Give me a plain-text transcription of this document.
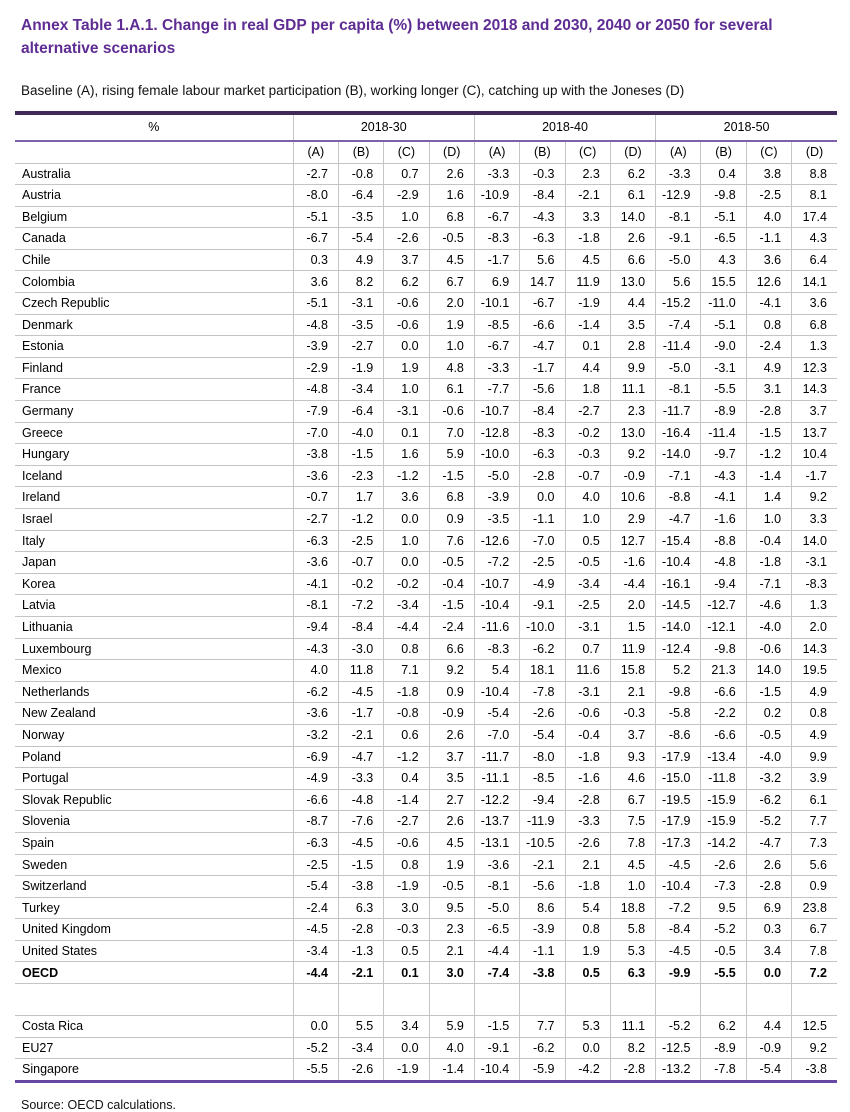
Annex Table 1.A.1. Change in real GDP per capita (%) between 2018 and 2030, 2040 or 2050 for several alternative scenarios

Baseline (A), rising female labour market participation (B), working longer (C), catching up with the Joneses (D)

%	2018-30				2018-40				2018-50			
	(A)	(B)	(C)	(D)	(A)	(B)	(C)	(D)	(A)	(B)	(C)	(D)
Australia	-2.7	-0.8	0.7	2.6	-3.3	-0.3	2.3	6.2	-3.3	0.4	3.8	8.8
Austria	-8.0	-6.4	-2.9	1.6	-10.9	-8.4	-2.1	6.1	-12.9	-9.8	-2.5	8.1
Belgium	-5.1	-3.5	1.0	6.8	-6.7	-4.3	3.3	14.0	-8.1	-5.1	4.0	17.4
Canada	-6.7	-5.4	-2.6	-0.5	-8.3	-6.3	-1.8	2.6	-9.1	-6.5	-1.1	4.3
Chile	0.3	4.9	3.7	4.5	-1.7	5.6	4.5	6.6	-5.0	4.3	3.6	6.4
Colombia	3.6	8.2	6.2	6.7	6.9	14.7	11.9	13.0	5.6	15.5	12.6	14.1
Czech Republic	-5.1	-3.1	-0.6	2.0	-10.1	-6.7	-1.9	4.4	-15.2	-11.0	-4.1	3.6
Denmark	-4.8	-3.5	-0.6	1.9	-8.5	-6.6	-1.4	3.5	-7.4	-5.1	0.8	6.8
Estonia	-3.9	-2.7	0.0	1.0	-6.7	-4.7	0.1	2.8	-11.4	-9.0	-2.4	1.3
Finland	-2.9	-1.9	1.9	4.8	-3.3	-1.7	4.4	9.9	-5.0	-3.1	4.9	12.3
France	-4.8	-3.4	1.0	6.1	-7.7	-5.6	1.8	11.1	-8.1	-5.5	3.1	14.3
Germany	-7.9	-6.4	-3.1	-0.6	-10.7	-8.4	-2.7	2.3	-11.7	-8.9	-2.8	3.7
Greece	-7.0	-4.0	0.1	7.0	-12.8	-8.3	-0.2	13.0	-16.4	-11.4	-1.5	13.7
Hungary	-3.8	-1.5	1.6	5.9	-10.0	-6.3	-0.3	9.2	-14.0	-9.7	-1.2	10.4
Iceland	-3.6	-2.3	-1.2	-1.5	-5.0	-2.8	-0.7	-0.9	-7.1	-4.3	-1.4	-1.7
Ireland	-0.7	1.7	3.6	6.8	-3.9	0.0	4.0	10.6	-8.8	-4.1	1.4	9.2
Israel	-2.7	-1.2	0.0	0.9	-3.5	-1.1	1.0	2.9	-4.7	-1.6	1.0	3.3
Italy	-6.3	-2.5	1.0	7.6	-12.6	-7.0	0.5	12.7	-15.4	-8.8	-0.4	14.0
Japan	-3.6	-0.7	0.0	-0.5	-7.2	-2.5	-0.5	-1.6	-10.4	-4.8	-1.8	-3.1
Korea	-4.1	-0.2	-0.2	-0.4	-10.7	-4.9	-3.4	-4.4	-16.1	-9.4	-7.1	-8.3
Latvia	-8.1	-7.2	-3.4	-1.5	-10.4	-9.1	-2.5	2.0	-14.5	-12.7	-4.6	1.3
Lithuania	-9.4	-8.4	-4.4	-2.4	-11.6	-10.0	-3.1	1.5	-14.0	-12.1	-4.0	2.0
Luxembourg	-4.3	-3.0	0.8	6.6	-8.3	-6.2	0.7	11.9	-12.4	-9.8	-0.6	14.3
Mexico	4.0	11.8	7.1	9.2	5.4	18.1	11.6	15.8	5.2	21.3	14.0	19.5
Netherlands	-6.2	-4.5	-1.8	0.9	-10.4	-7.8	-3.1	2.1	-9.8	-6.6	-1.5	4.9
New Zealand	-3.6	-1.7	-0.8	-0.9	-5.4	-2.6	-0.6	-0.3	-5.8	-2.2	0.2	0.8
Norway	-3.2	-2.1	0.6	2.6	-7.0	-5.4	-0.4	3.7	-8.6	-6.6	-0.5	4.9
Poland	-6.9	-4.7	-1.2	3.7	-11.7	-8.0	-1.8	9.3	-17.9	-13.4	-4.0	9.9
Portugal	-4.9	-3.3	0.4	3.5	-11.1	-8.5	-1.6	4.6	-15.0	-11.8	-3.2	3.9
Slovak Republic	-6.6	-4.8	-1.4	2.7	-12.2	-9.4	-2.8	6.7	-19.5	-15.9	-6.2	6.1
Slovenia	-8.7	-7.6	-2.7	2.6	-13.7	-11.9	-3.3	7.5	-17.9	-15.9	-5.2	7.7
Spain	-6.3	-4.5	-0.6	4.5	-13.1	-10.5	-2.6	7.8	-17.3	-14.2	-4.7	7.3
Sweden	-2.5	-1.5	0.8	1.9	-3.6	-2.1	2.1	4.5	-4.5	-2.6	2.6	5.6
Switzerland	-5.4	-3.8	-1.9	-0.5	-8.1	-5.6	-1.8	1.0	-10.4	-7.3	-2.8	0.9
Turkey	-2.4	6.3	3.0	9.5	-5.0	8.6	5.4	18.8	-7.2	9.5	6.9	23.8
United Kingdom	-4.5	-2.8	-0.3	2.3	-6.5	-3.9	0.8	5.8	-8.4	-5.2	0.3	6.7
United States	-3.4	-1.3	0.5	2.1	-4.4	-1.1	1.9	5.3	-4.5	-0.5	3.4	7.8
OECD	-4.4	-2.1	0.1	3.0	-7.4	-3.8	0.5	6.3	-9.9	-5.5	0.0	7.2

Costa Rica	0.0	5.5	3.4	5.9	-1.5	7.7	5.3	11.1	-5.2	6.2	4.4	12.5
EU27	-5.2	-3.4	0.0	4.0	-9.1	-6.2	0.0	8.2	-12.5	-8.9	-0.9	9.2
Singapore	-5.5	-2.6	-1.9	-1.4	-10.4	-5.9	-4.2	-2.8	-13.2	-7.8	-5.4	-3.8

Source: OECD calculations.
